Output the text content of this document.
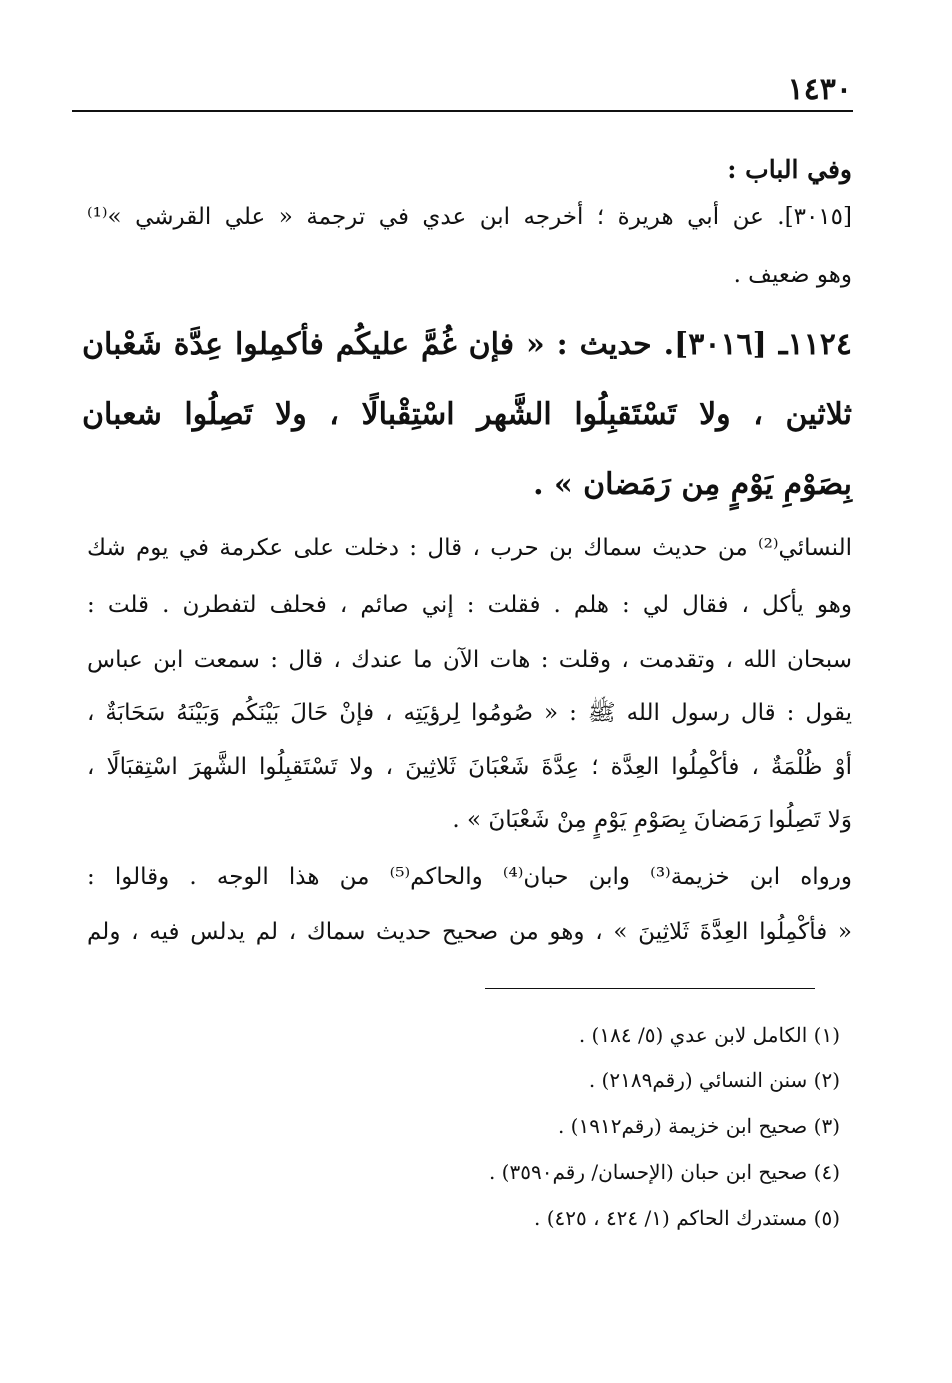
١٤٣٠

وفي الباب :

[٣٠١٥]. عن أبي هريرة ؛ أخرجه ابن عدي في ترجمة « علي القرشي »⁽¹⁾

وهو ضعيف .

١١٢٤ـ [٣٠١٦]. حديث : « فإن غُمَّ عليكُم فأكمِلوا عِدَّة شَعْبان

ثلاثين ، ولا تَسْتَقبِلُوا الشَّهر اسْتِقْبالًا ، ولا تَصِلُوا شعبان

بِصَوْمِ يَوْمٍ مِن رَمَضان » .

النسائي⁽²⁾ من حديث سماك بن حرب ، قال : دخلت على عكرمة في يوم شك

وهو يأكل ، فقال لي : هلم . فقلت : إني صائم ، فحلف لتفطرن . قلت :

سبحان الله ، وتقدمت ، وقلت : هات الآن ما عندك ، قال : سمعت ابن عباس

يقول : قال رسول الله ﷺ : « صُومُوا لِرؤيَتِه ، فإنْ حَالَ بَيْنَكُم وَبَيْنَهُ سَحَابَةٌ ،

أوْ ظُلْمَةٌ ، فأكْمِلُوا العِدَّة ؛ عِدَّةَ شَعْبَانَ ثَلاثِينَ ، ولا تَسْتَقبِلُوا الشَّهرَ اسْتِقبَالًا ،

وَلا تَصِلُوا رَمَضانَ بِصَوْمِ يَوْمٍ مِنْ شَعْبَانَ » .

ورواه ابن خزيمة⁽³⁾ وابن حبان⁽⁴⁾ والحاكم⁽⁵⁾ من هذا الوجه . وقالوا :

« فأكْمِلُوا العِدَّةَ ثَلاثِينَ » ، وهو من صحيح حديث سماك ، لم يدلس فيه ، ولم

(١) الكامل لابن عدي (٥/ ١٨٤) .

(٢) سنن النسائي (رقم٢١٨٩) .

(٣) صحيح ابن خزيمة (رقم١٩١٢) .

(٤) صحيح ابن حبان (الإحسان/ رقم٣٥٩٠) .

(٥) مستدرك الحاكم (١/ ٤٢٤ ، ٤٢٥) .
